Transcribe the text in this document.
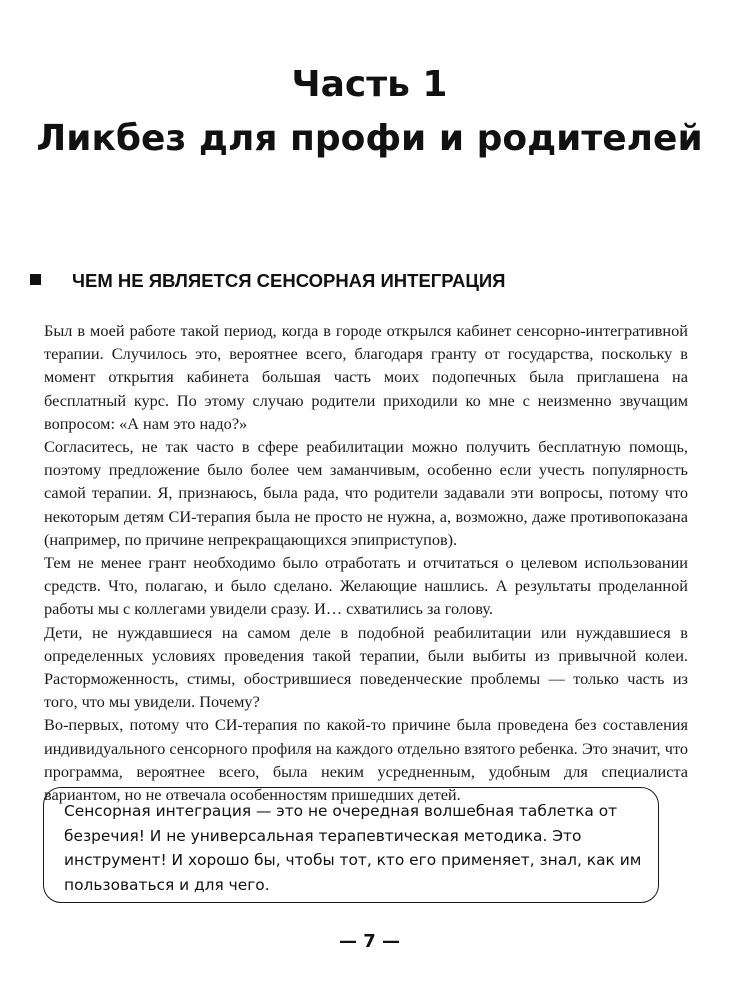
Часть 1
Ликбез для профи и родителей
ЧЕМ НЕ ЯВЛЯЕТСЯ СЕНСОРНАЯ ИНТЕГРАЦИЯ

Был в моей работе такой период, когда в городе открылся кабинет сенсорно-интегративной терапии. Случилось это, вероятнее всего, благодаря гранту от государства, поскольку в момент открытия кабинета большая часть моих подопечных была приглашена на бесплатный курс. По этому случаю родители приходили ко мне с неизменно звучащим вопросом: «А нам это надо?»

Согласитесь, не так часто в сфере реабилитации можно получить бесплатную помощь, поэтому предложение было более чем заманчивым, особенно если учесть популярность самой терапии. Я, признаюсь, была рада, что родители задавали эти вопросы, потому что некоторым детям СИ-терапия была не просто не нужна, а, возможно, даже противопоказана (например, по причине непрекращающихся эпиприступов).

Тем не менее грант необходимо было отработать и отчитаться о целевом использовании средств. Что, полагаю, и было сделано. Желающие нашлись. А результаты проделанной работы мы с коллегами увидели сразу. И… схватились за голову.

Дети, не нуждавшиеся на самом деле в подобной реабилитации или нуждавшиеся в определенных условиях проведения такой терапии, были выбиты из привычной колеи. Расторможенность, стимы, обострившиеся поведенческие проблемы — только часть из того, что мы увидели. Почему?

Во-первых, потому что СИ-терапия по какой-то причине была проведена без составления индивидуального сенсорного профиля на каждого отдельно взятого ребенка. Это значит, что программа, вероятнее всего, была неким усредненным, удобным для специалиста вариантом, но не отвечала особенностям пришедших детей.

Сенсорная интеграция — это не очередная волшебная таблетка от безречия! И не универсальная терапевтическая методика. Это инструмент! И хорошо бы, чтобы тот, кто его применяет, знал, как им пользоваться и для чего.
— 7 —
